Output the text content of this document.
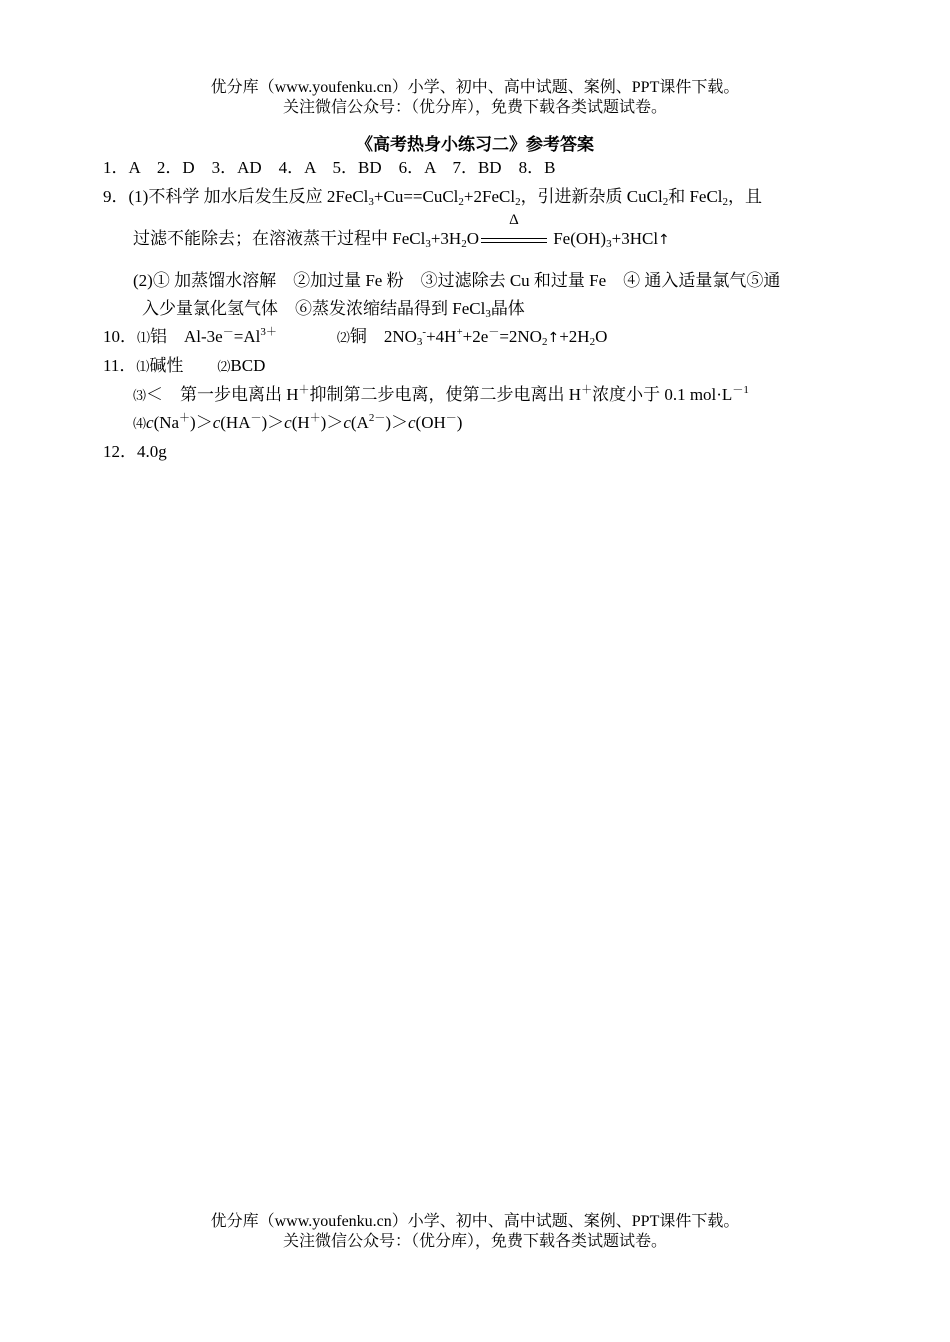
优分库（www.youfenku.cn）小学、初中、高中试题、案例、PPT课件下载。
关注微信公众号：（优分库），免费下载各类试题试卷。
《高考热身小练习二》参考答案
1．A　2．D　3．AD　4．A　5．BD　6．A　7．BD　8．B
9．(1)不科学 加水后发生反应 2FeCl$_3$+Cu==CuCl$_2$+2FeCl$_2$，引进新杂质 CuCl$_2$和 FeCl$_2$，且
过滤不能除去；在溶液蒸干过程中 $FeCl_3+3H_2O$
Δ
$Fe(OH)_3+3HCl↑$
(2)① 加蒸馏水溶解　②加过量 Fe 粉　③过滤除去 Cu 和过量 Fe　④ 通入适量氯气⑤通
入少量氯化氢气体　⑥蒸发浓缩结晶得到 FeCl$_3$晶体
10．⑴铝　$Al-3e^-=Al^{3+}$	⑵铜　$2NO_3^-+4H^++2e^-=2NO_2↑+2H_2O$
11．⑴碱性	⑵BCD
⑶＜　第一步电离出 H＋抑制第二步电离，使第二步电离出 H＋浓度小于 0.1 $mol\cdot L^{-1}$
$⑷c(Na^+)>c(HA^-)>c(H^+)>c(A^{2-})>c(OH^-)$
12．4.0g
优分库（www.youfenku.cn）小学、初中、高中试题、案例、PPT课件下载。
关注微信公众号：（优分库），免费下载各类试题试卷。
